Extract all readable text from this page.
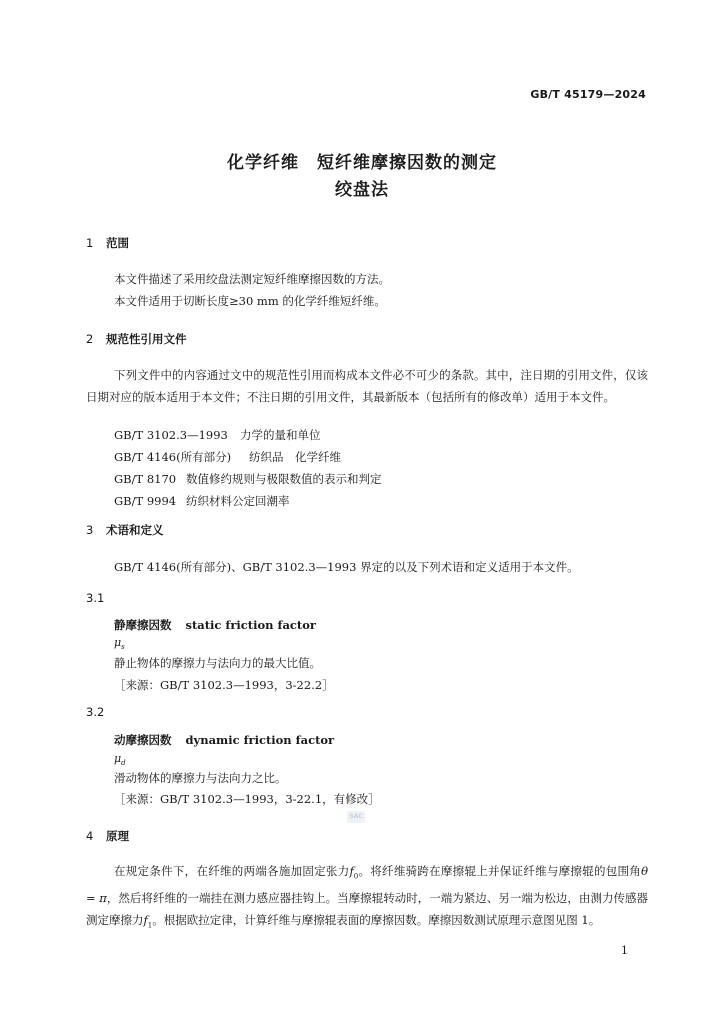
GB/T 45179—2024
化学纤维　短纤维摩擦因数的测定
绞盘法
1 范围
本文件描述了采用绞盘法测定短纤维摩擦因数的方法。
本文件适用于切断长度≥30 mm 的化学纤维短纤维。
2 规范性引用文件
下列文件中的内容通过文中的规范性引用而构成本文件必不可少的条款。其中，注日期的引用文件，仅该日期对应的版本适用于本文件；不注日期的引用文件，其最新版本（包括所有的修改单）适用于本文件。
GB/T 3102.3—1993 力学的量和单位
GB/T 4146(所有部分) 纺织品　化学纤维
GB/T 8170 数值修约规则与极限数值的表示和判定
GB/T 9994 纺织材料公定回潮率
3 术语和定义
GB/T 4146(所有部分)、GB/T 3102.3—1993 界定的以及下列术语和定义适用于本文件。
3.1
静摩擦因数 static friction factor
$\mu_s$
静止物体的摩擦力与法向力的最大比值。
［来源：GB/T 3102.3—1993，3-22.2］
3.2
动摩擦因数 dynamic friction factor
$\mu_d$
滑动物体的摩擦力与法向力之比。
［来源：GB/T 3102.3—1993，3-22.1，有修改］
SAC
4 原理
在规定条件下，在纤维的两端各施加固定张力$f_0$。将纤维骑跨在摩擦辊上并保证纤维与摩擦辊的包围角θ = π，然后将纤维的一端挂在测力感应器挂钩上。当摩擦辊转动时，一端为紧边、另一端为松边，由测力传感器测定摩擦力$f_1$。根据欧拉定律，计算纤维与摩擦辊表面的摩擦因数。摩擦因数测试原理示意图见图 1。
1
